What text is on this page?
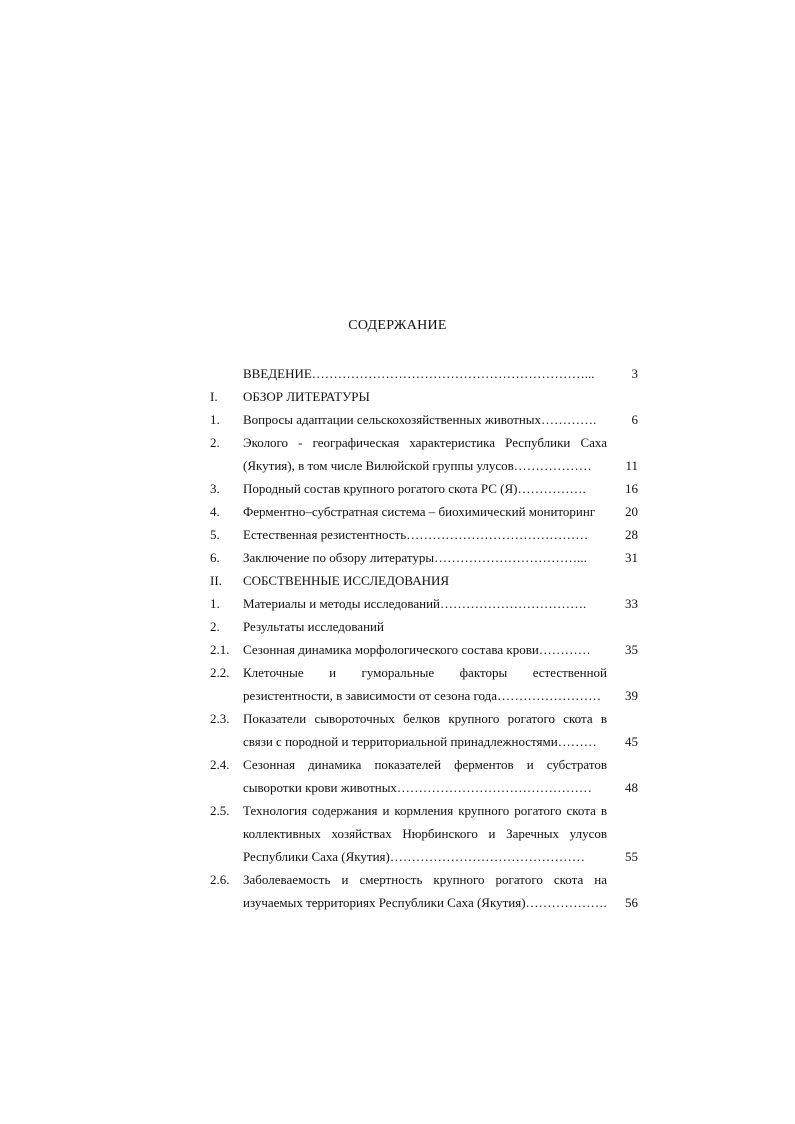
СОДЕРЖАНИЕ
ВВЕДЕНИЕ………………………………………………………...	3
I. ОБЗОР ЛИТЕРАТУРЫ
1. Вопросы адаптации сельскохозяйственных животных………….	6
2. Эколого - географическая характеристика Республики Саха
(Якутия), в том числе Вилюйской группы улусов………………	11
3. Породный состав крупного рогатого скота РС (Я)…………….	16
4. Ферментно–субстратная система – биохимический мониторинг	20
5. Естественная резистентность……………………………………	28
6. Заключение по обзору литературы……………………………...	31
II. СОБСТВЕННЫЕ ИССЛЕДОВАНИЯ
1. Материалы и методы исследований…………………………….	33
2. Результаты исследований
2.1. Сезонная динамика морфологического состава крови…………	35
2.2. Клеточные и гуморальные факторы естественной
резистентности, в зависимости от сезона года……………………	39
2.3. Показатели сывороточных белков крупного рогатого скота в
связи с породной и территориальной принадлежностями………	45
2.4. Сезонная динамика показателей ферментов и субстратов
сыворотки крови животных………………………………………	48
2.5. Технология содержания и кормления крупного рогатого скота в
коллективных хозяйствах Нюрбинского и Заречных улусов
Республики Саха (Якутия)………………………………………	55
2.6. Заболеваемость и смертность крупного рогатого скота на
изучаемых территориях Республики Саха (Якутия)……………….	56
